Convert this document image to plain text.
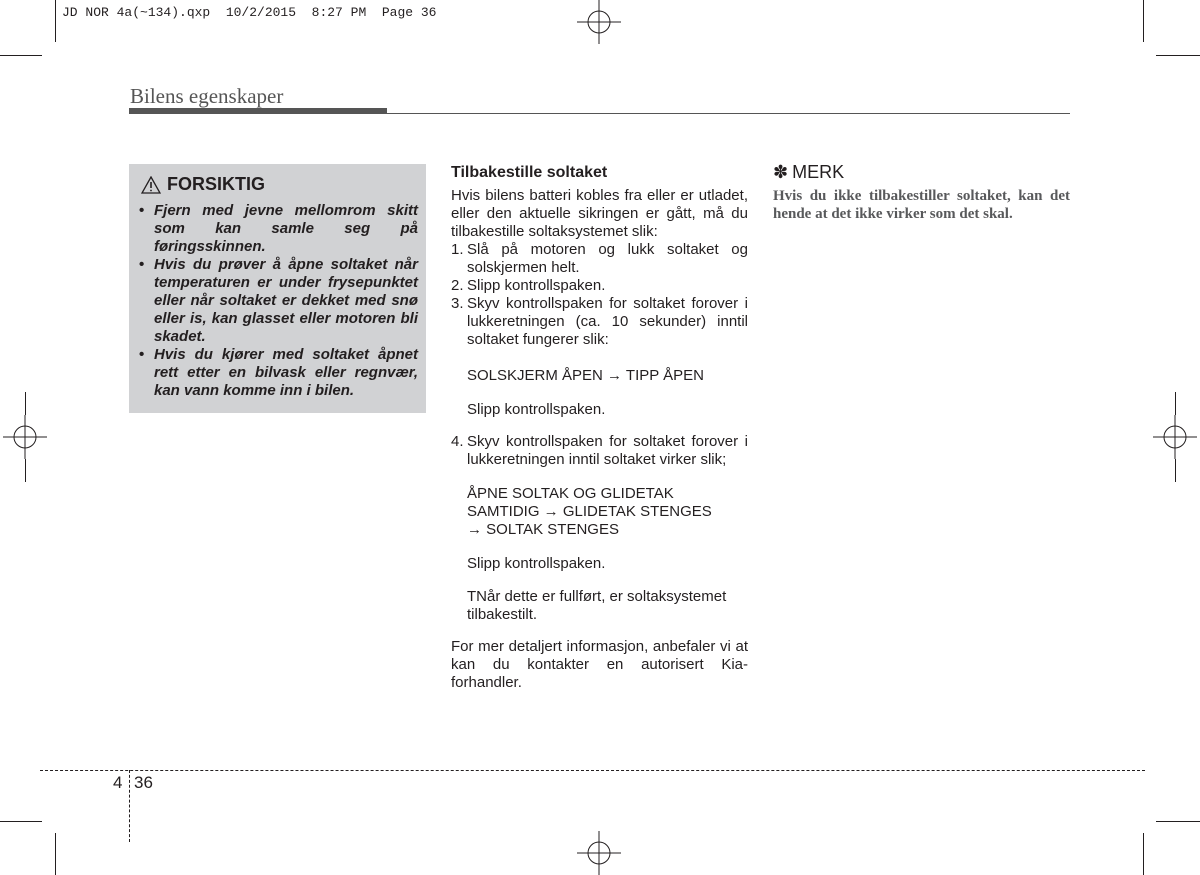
JD NOR 4a(~134).qxp  10/2/2015  8:27 PM  Page 36
Bilens egenskaper
FORSIKTIG
• Fjern med jevne mellomrom skitt som kan samle seg på føringsskinnen.
• Hvis du prøver å åpne soltaket når temperaturen er under frysepunktet eller når soltaket er dekket med snø eller is, kan glasset eller motoren bli skadet.
• Hvis du kjører med soltaket åpnet rett etter en bilvask eller regnvær, kan vann komme inn i bilen.
Tilbakestille soltaket

Hvis bilens batteri kobles fra eller er utladet, eller den aktuelle sikringen er gått, må du tilbakestille soltaksystemet slik:

1. Slå på motoren og lukk soltaket og solskjermen helt.
2. Slipp kontrollspaken.
3. Skyv kontrollspaken for soltaket forover i lukkeretningen (ca. 10 sekunder) inntil soltaket fungerer slik:
SOLSKJERM ÅPEN → TIPP ÅPEN
Slipp kontrollspaken.
4. Skyv kontrollspaken for soltaket forover i lukkeretningen inntil soltaket virker slik;
ÅPNE SOLTAK OG GLIDETAK
SAMTIDIG → GLIDETAK STENGES
→ SOLTAK STENGES
Slipp kontrollspaken.
TNår dette er fullført, er soltaksystemet tilbakestilt.

For mer detaljert informasjon, anbefaler vi at kan du kontakter en autorisert Kia-forhandler.

✽ MERK
Hvis du ikke tilbakestiller soltaket, kan det hende at det ikke virker som det skal.
4 36
